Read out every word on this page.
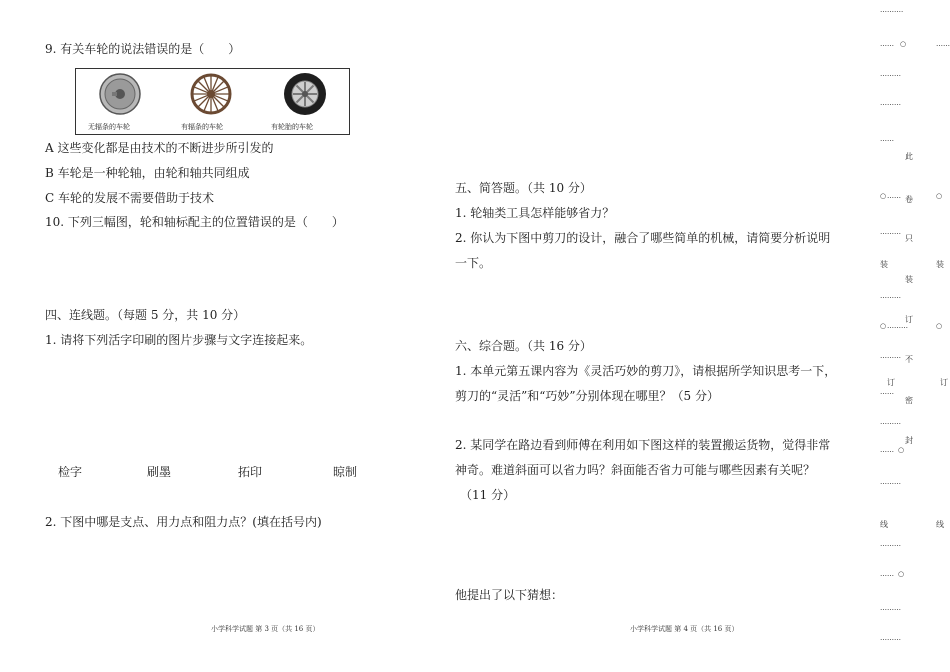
9. 有关车轮的说法错误的是（　　）
无辐条的车轮	有辐条的车轮	有轮胎的车轮
A 这些变化都是由技术的不断进步所引发的
B 车轮是一种轮轴，由轮和轴共同组成
C 车轮的发展不需要借助于技术
10. 下列三幅图，轮和轴标配主的位置错误的是（　　）
四、连线题。（每题 5 分，共 10 分）
1. 请将下列活字印刷的图片步骤与文字连接起来。
检字	刷墨	拓印	晾制
2. 下图中哪是支点、用力点和阻力点？(填在括号内)
小学科学试题 第 3 页（共 16 页）
五、简答题。（共 10 分）
1. 轮轴类工具怎样能够省力？
2. 你认为下图中剪刀的设计，融合了哪些简单的机械，请简要分析说明
一下。
六、综合题。（共 16 分）
1. 本单元第五课内容为《灵活巧妙的剪刀》，请根据所学知识思考一下，
剪刀的“灵活”和“巧妙”分别体现在哪里？（5 分）
2. 某同学在路边看到师傅在利用如下图这样的装置搬运货物，觉得非常
神奇。难道斜面可以省力吗？斜面能否省力可能与哪些因素有关呢？
（11 分）
他提出了以下猜想：
小学科学试题 第 4 页（共 16 页）
……….
…… ○
………
………
……
○ ……
………
………
○ ………
………
……
………
…… ○
………
………
…… ○
………
………
此
卷
只
装
订
不
密
封
装
订
线
……
○
装
○
订
线
